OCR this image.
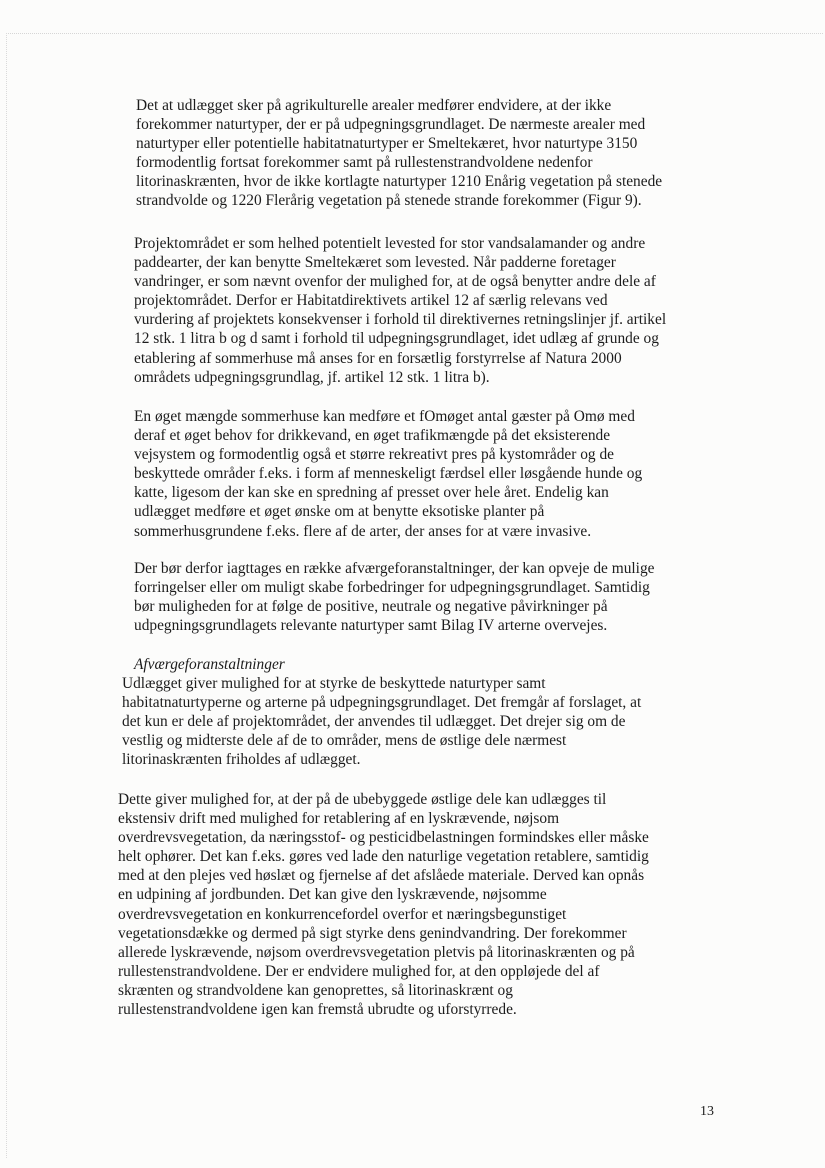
Det at udlægget sker på agrikulturelle arealer medfører endvidere, at der ikke
forekommer naturtyper, der er på udpegningsgrundlaget. De nærmeste arealer med
naturtyper eller potentielle habitatnaturtyper er Smeltekæret, hvor naturtype 3150
formodentlig fortsat forekommer samt på rullestenstrandvoldene nedenfor
litorinaskrænten, hvor de ikke kortlagte naturtyper 1210 Enårig vegetation på stenede
strandvolde og 1220 Flerårig vegetation på stenede strande forekommer (Figur 9).

Projektområdet er som helhed potentielt levested for stor vandsalamander og andre
paddearter, der kan benytte Smeltekæret som levested. Når padderne foretager
vandringer, er som nævnt ovenfor der mulighed for, at de også benytter andre dele af
projektområdet. Derfor er Habitatdirektivets artikel 12 af særlig relevans ved
vurdering af projektets konsekvenser i forhold til direktivernes retningslinjer jf. artikel
12 stk. 1 litra b og d samt i forhold til udpegningsgrundlaget, idet udlæg af grunde og
etablering af sommerhuse må anses for en forsætlig forstyrrelse af Natura 2000
områdets udpegningsgrundlag, jf. artikel 12 stk. 1 litra b).

En øget mængde sommerhuse kan medføre et fOmøget antal gæster på Omø med
deraf et øget behov for drikkevand, en øget trafikmængde på det eksisterende
vejsystem og formodentlig også et større rekreativt pres på kystområder og de
beskyttede områder f.eks. i form af menneskeligt færdsel eller løsgående hunde og
katte, ligesom der kan ske en spredning af presset over hele året. Endelig kan
udlægget medføre et øget ønske om at benytte eksotiske planter på
sommerhusgrundene f.eks. flere af de arter, der anses for at være invasive.

Der bør derfor iagttages en række afværgeforanstaltninger, der kan opveje de mulige
forringelser eller om muligt skabe forbedringer for udpegningsgrundlaget. Samtidig
bør muligheden for at følge de positive, neutrale og negative påvirkninger på
udpegningsgrundlagets relevante naturtyper samt Bilag IV arterne overvejes.

Afværgeforanstaltninger

Udlægget giver mulighed for at styrke de beskyttede naturtyper samt
habitatnaturtyperne og arterne på udpegningsgrundlaget. Det fremgår af forslaget, at
det kun er dele af projektområdet, der anvendes til udlægget. Det drejer sig om de
vestlig og midterste dele af de to områder, mens de østlige dele nærmest
litorinaskrænten friholdes af udlægget.

Dette giver mulighed for, at der på de ubebyggede østlige dele kan udlægges til
ekstensiv drift med mulighed for retablering af en lyskrævende, nøjsom
overdrevsvegetation, da næringsstof- og pesticidbelastningen formindskes eller måske
helt ophører. Det kan f.eks. gøres ved lade den naturlige vegetation retablere, samtidig
med at den plejes ved høslæt og fjernelse af det afslåede materiale. Derved kan opnås
en udpining af jordbunden. Det kan give den lyskrævende, nøjsomme
overdrevsvegetation en konkurrencefordel overfor et næringsbegunstiget
vegetationsdække og dermed på sigt styrke dens genindvandring. Der forekommer
allerede lyskrævende, nøjsom overdrevsvegetation pletvis på litorinaskrænten og på
rullestenstrandvoldene. Der er endvidere mulighed for, at den oppløjede del af
skrænten og strandvoldene kan genoprettes, så litorinaskrænt og
rullestenstrandvoldene igen kan fremstå ubrudte og uforstyrrede.

13
